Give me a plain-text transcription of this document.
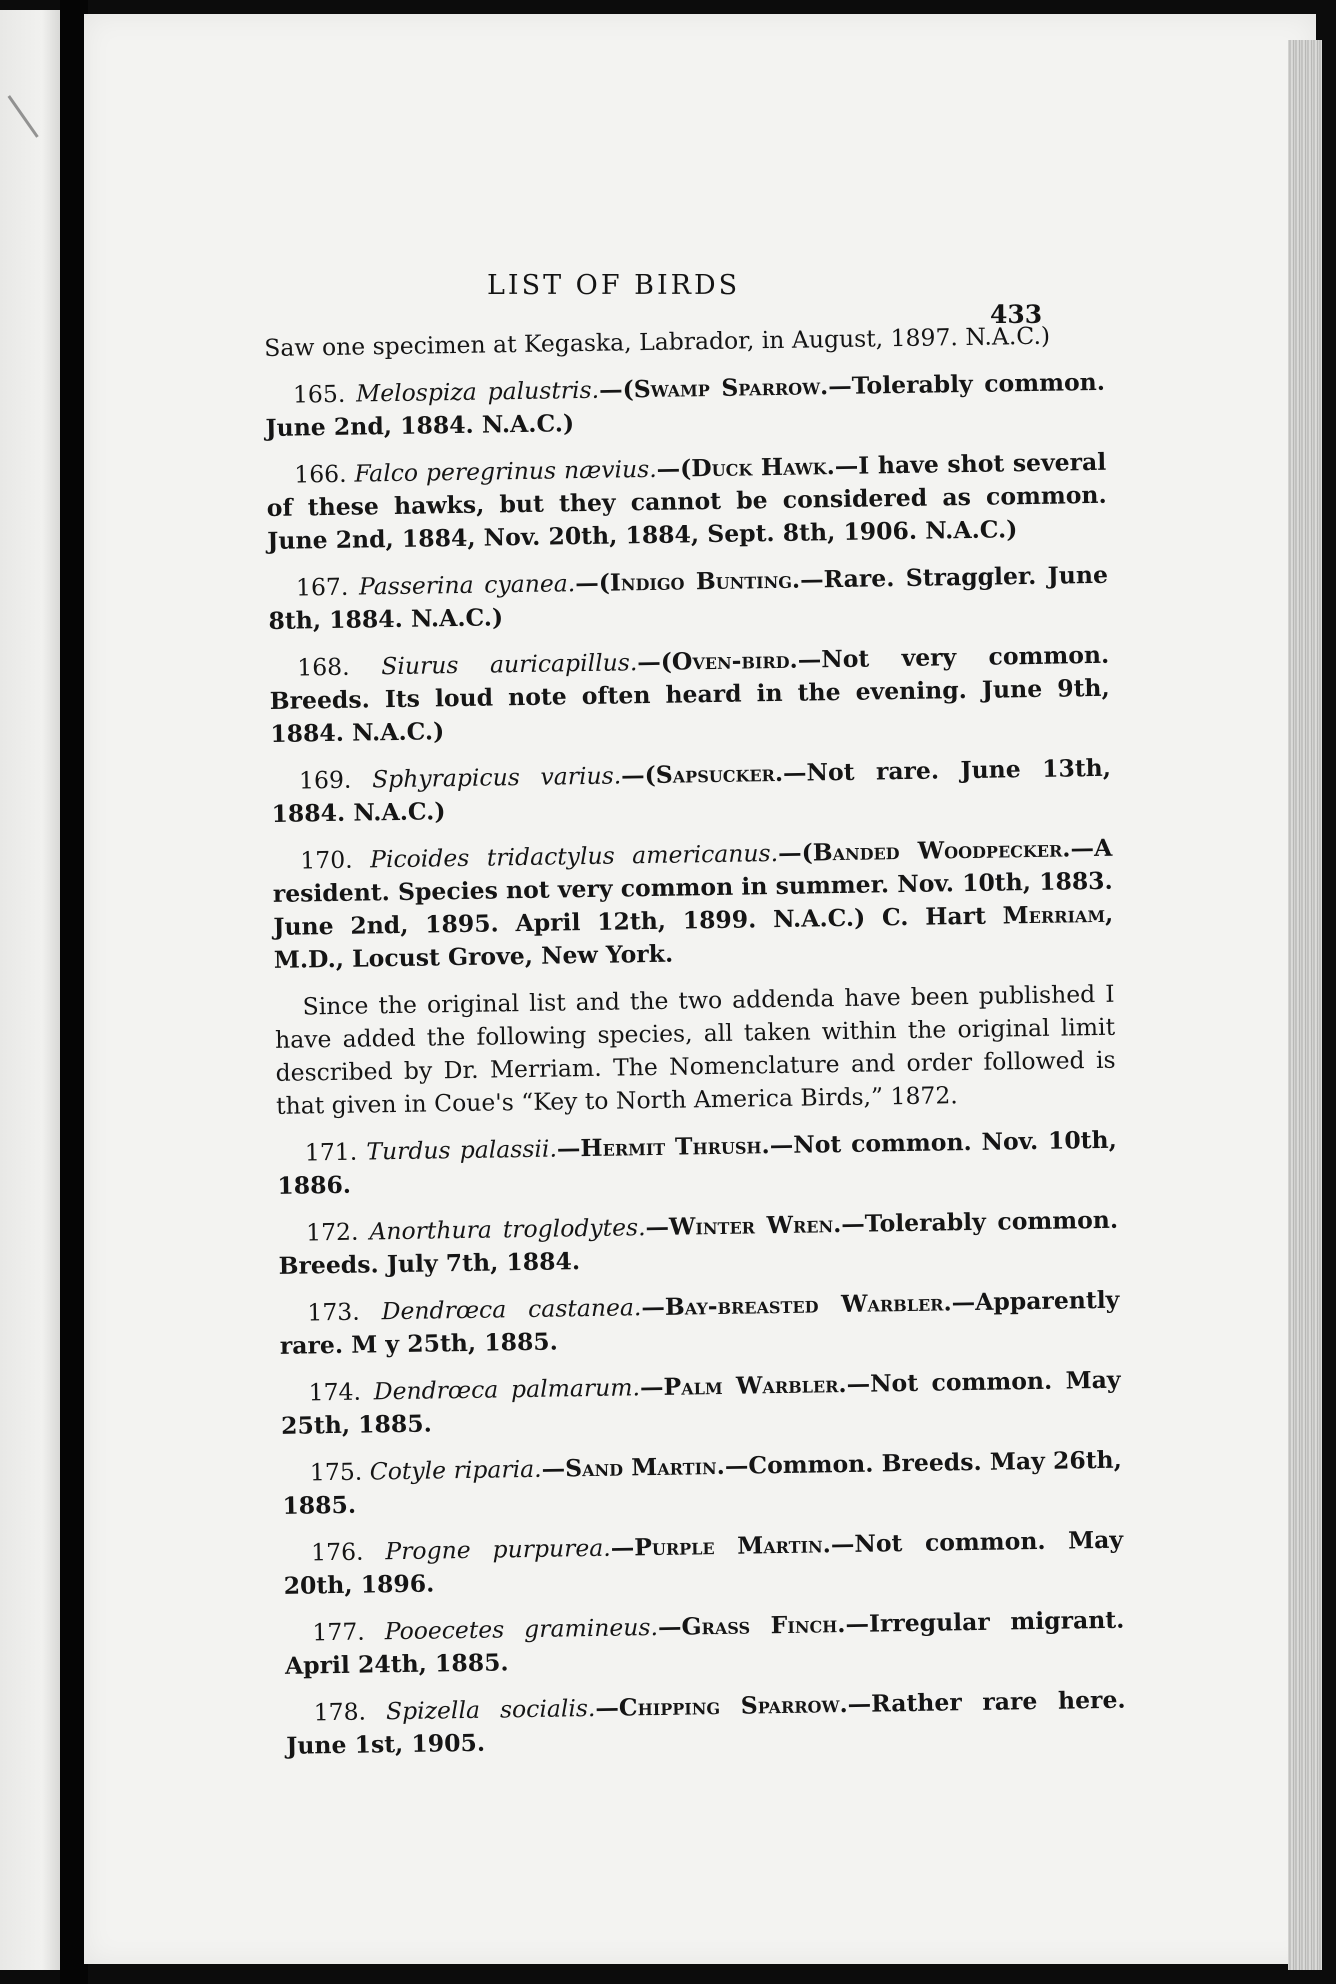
LIST OF BIRDS
433

Saw one specimen at Kegaska, Labrador, in August, 1897. N.A.C.)

165. Melospiza palustris.—(Swamp Sparrow.—Tolerably common. June 2nd, 1884. N.A.C.)

166. Falco peregrinus nævius.—(Duck Hawk.—I have shot several of these hawks, but they cannot be considered as common. June 2nd, 1884, Nov. 20th, 1884, Sept. 8th, 1906. N.A.C.)

167. Passerina cyanea.—(Indigo Bunting.—Rare. Straggler. June 8th, 1884. N.A.C.)

168. Siurus auricapillus.—(Oven-bird.—Not very common. Breeds. Its loud note often heard in the evening. June 9th, 1884. N.A.C.)

169. Sphyrapicus varius.—(Sapsucker.—Not rare. June 13th, 1884. N.A.C.)

170. Picoides tridactylus americanus.—(Banded Woodpecker.—A resident. Species not very common in summer. Nov. 10th, 1883. June 2nd, 1895. April 12th, 1899. N.A.C.) C. Hart Merriam, M.D., Locust Grove, New York.

Since the original list and the two addenda have been published I have added the following species, all taken within the original limit described by Dr. Merriam. The Nomenclature and order followed is that given in Coue's “Key to North America Birds,” 1872.

171. Turdus palassii.—Hermit Thrush.—Not common. Nov. 10th, 1886.

172. Anorthura troglodytes.—Winter Wren.—Tolerably common. Breeds. July 7th, 1884.

173. Dendrœca castanea.—Bay-breasted Warbler.—Apparently rare. M y 25th, 1885.

174. Dendrœca palmarum.—Palm Warbler.—Not common. May 25th, 1885.

175. Cotyle riparia.—Sand Martin.—Common. Breeds. May 26th, 1885.

176. Progne purpurea.—Purple Martin.—Not common. May 20th, 1896.

177. Pooecetes gramineus.—Grass Finch.—Irregular migrant. April 24th, 1885.

178. Spizella socialis.—Chipping Sparrow.—Rather rare here. June 1st, 1905.
